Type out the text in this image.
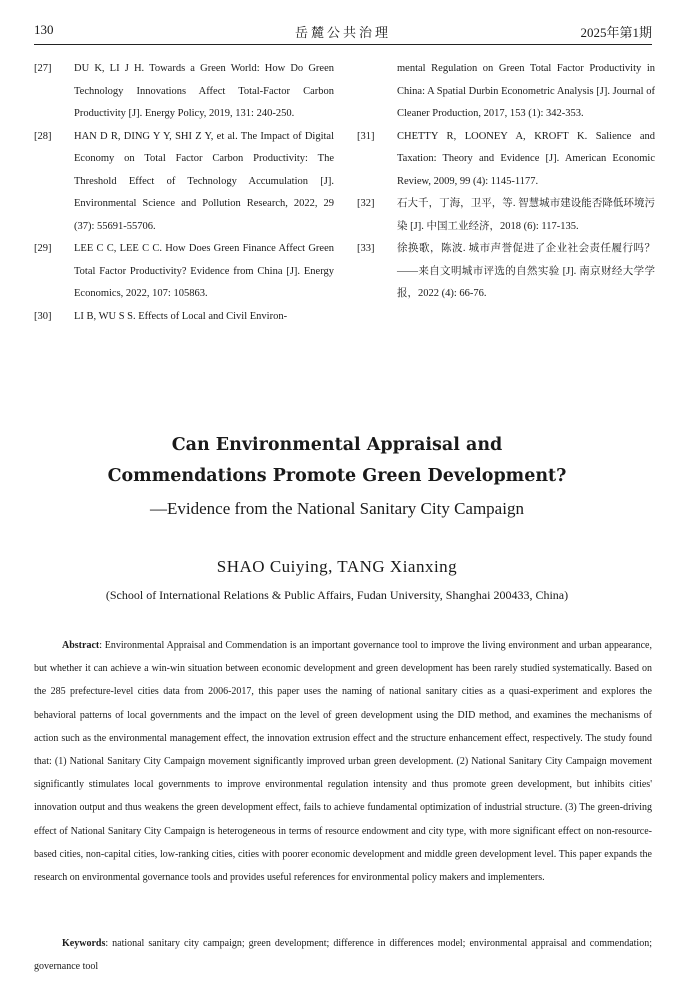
130	岳麓公共治理	2025年第1期
[27] DU K, LI J H. Towards a Green World: How Do Green Technology Innovations Affect Total-Factor Carbon Productivity [J]. Energy Policy, 2019, 131: 240-250.
[28] HAN D R, DING Y Y, SHI Z Y, et al. The Impact of Digital Economy on Total Factor Carbon Productivity: The Threshold Effect of Technology Accumulation [J]. Environmental Science and Pollution Research, 2022, 29 (37): 55691-55706.
[29] LEE C C, LEE C C. How Does Green Finance Affect Green Total Factor Productivity? Evidence from China [J]. Energy Economics, 2022, 107: 105863.
[30] LI B, WU S S. Effects of Local and Civil Environ-
mental Regulation on Green Total Factor Productivity in China: A Spatial Durbin Econometric Analysis [J]. Journal of Cleaner Production, 2017, 153 (1): 342-353.
[31] CHETTY R, LOONEY A, KROFT K. Salience and Taxation: Theory and Evidence [J]. American Economic Review, 2009, 99 (4): 1145-1177.
[32] 石大千，丁海，卫平，等. 智慧城市建设能否降低环境污染 [J]. 中国工业经济，2018 (6): 117-135.
[33] 徐换歌，陈波. 城市声誉促进了企业社会责任履行吗？——来自文明城市评选的自然实验 [J]. 南京财经大学学报，2022 (4): 66-76.
Can Environmental Appraisal and
Commendations Promote Green Development?
—Evidence from the National Sanitary City Campaign
SHAO Cuiying, TANG Xianxing
(School of International Relations & Public Affairs, Fudan University, Shanghai 200433, China)
Abstract: Environmental Appraisal and Commendation is an important governance tool to improve the living environment and urban appearance, but whether it can achieve a win-win situation between economic development and green development has been rarely studied systematically. Based on the 285 prefecture-level cities data from 2006-2017, this paper uses the naming of national sanitary cities as a quasi-experiment and explores the behavioral patterns of local governments and the impact on the level of green development using the DID method, and examines the mechanisms of action such as the environmental management effect, the innovation extrusion effect and the structure enhancement effect, respectively. The study found that: (1) National Sanitary City Campaign movement significantly improved urban green development. (2) National Sanitary City Campaign movement significantly stimulates local governments to improve environmental regulation intensity and thus promote green development, but inhibits cities' innovation output and thus weakens the green development effect, fails to achieve fundamental optimization of industrial structure. (3) The green-driving effect of National Sanitary City Campaign is heterogeneous in terms of resource endowment and city type, with more significant effect on non-resource-based cities, non-capital cities, low-ranking cities, cities with poorer economic development and middle green development level. This paper expands the research on environmental governance tools and provides useful references for environmental policy makers and implementers.
Keywords: national sanitary city campaign; green development; difference in differences model; environmental appraisal and commendation; governance tool
